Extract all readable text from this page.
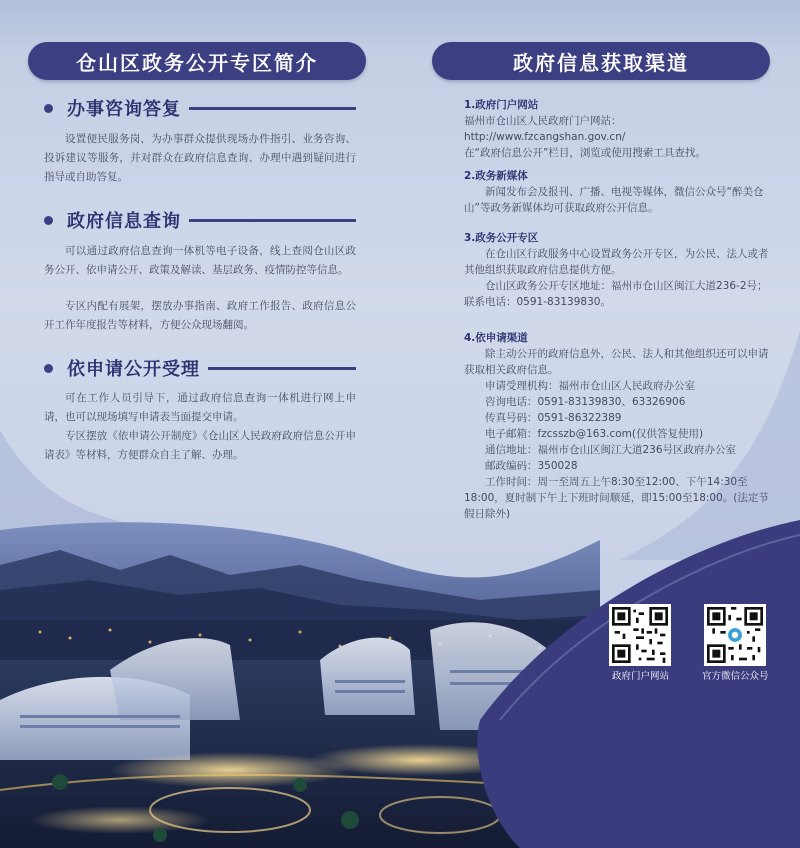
仓山区政务公开专区简介	政府信息获取渠道
办事咨询答复

设置便民服务岗，为办事群众提供现场办件指引、业务咨询、投诉建议等服务，并对群众在政府信息查询、办理中遇到疑问进行指导或自助答复。

政府信息查询

可以通过政府信息查询一体机等电子设备，线上查阅仓山区政务公开、依申请公开、政策及解读、基层政务、疫情防控等信息。

专区内配有展架，摆放办事指南、政府工作报告、政府信息公开工作年度报告等材料，方便公众现场翻阅。

依申请公开受理

可在工作人员引导下，通过政府信息查询一体机进行网上申请，也可以现场填写申请表当面提交申请。

专区摆放《依申请公开制度》《仓山区人民政府政府信息公开申请表》等材料，方便群众自主了解、办理。

1.政府门户网站
福州市仓山区人民政府门户网站：
http://www.fzcangshan.gov.cn/
在“政府信息公开”栏目，浏览或使用搜索工具查找。
2.政务新媒体
新闻发布会及报刊、广播、电视等媒体，微信公众号“醉美仓山”等政务新媒体均可获取政府公开信息。
3.政务公开专区
在仓山区行政服务中心设置政务公开专区，为公民、法人或者其他组织获取政府信息提供方便。
仓山区政务公开专区地址：福州市仓山区闽江大道236-2号；联系电话：0591-83139830。
4.依申请渠道
除主动公开的政府信息外，公民、法人和其他组织还可以申请获取相关政府信息。
申请受理机构：福州市仓山区人民政府办公室
咨询电话：0591-83139830、63326906
传真号码：0591-86322389
电子邮箱：fzcsszb@163.com(仅供答复使用)
通信地址：福州市仓山区闽江大道236号区政府办公室
邮政编码：350028
工作时间：周一至周五上午8:30至12:00、下午14:30至18:00，夏时制下午上下班时间顺延，即15:00至18:00。(法定节假日除外)
政府门户网站	官方微信公众号
